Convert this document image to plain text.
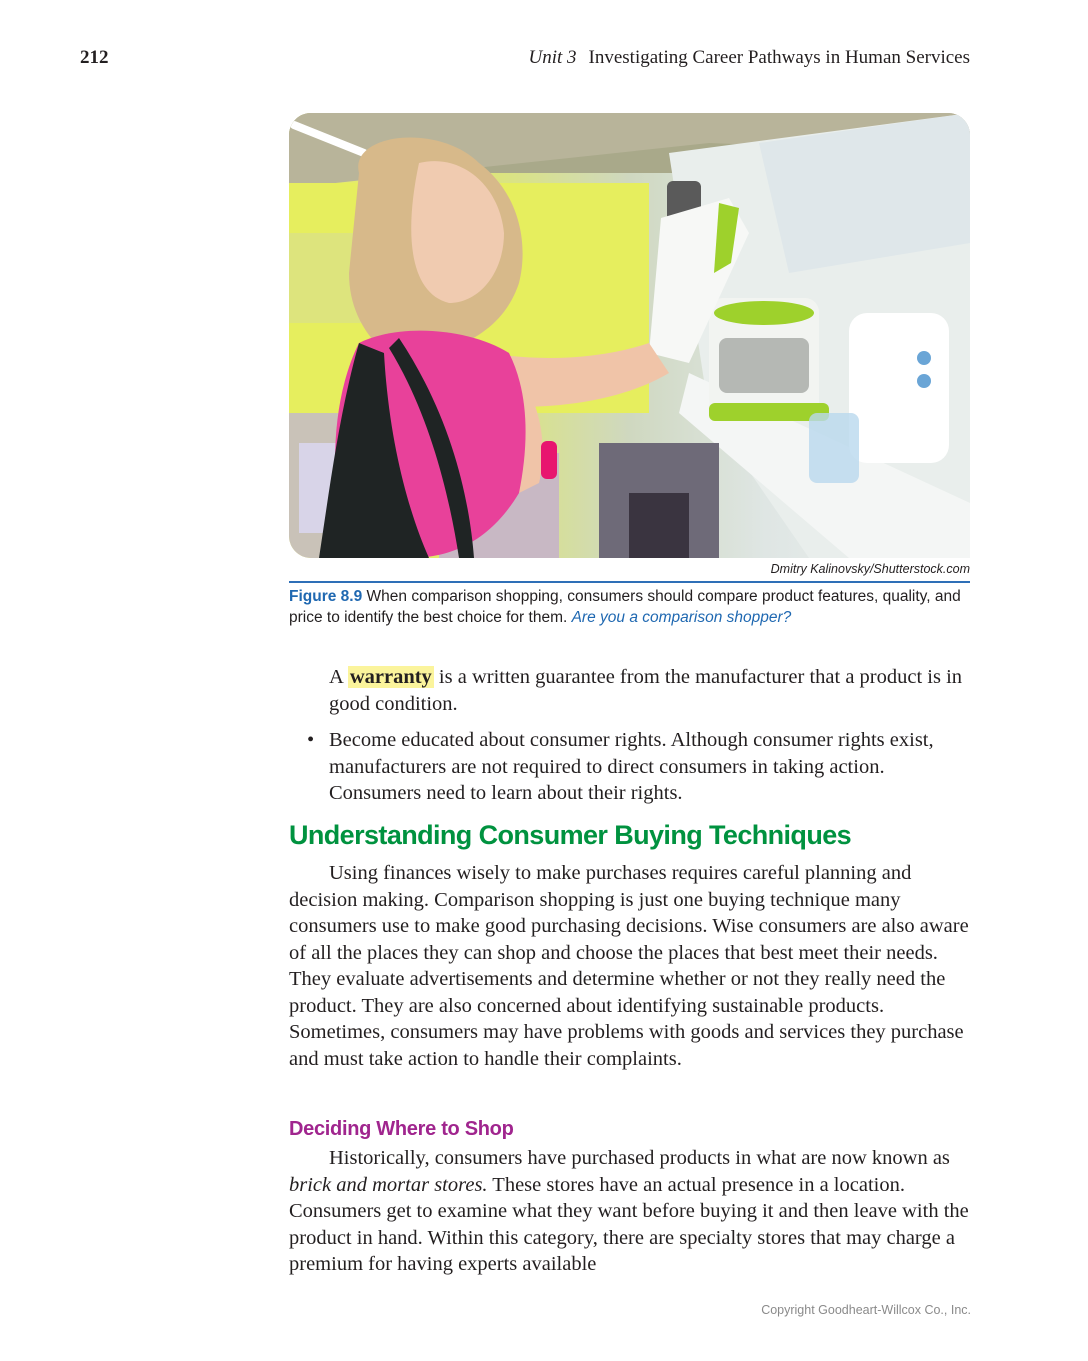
212	Unit 3 Investigating Career Pathways in Human Services
Dmitry Kalinovsky/Shutterstock.com
Figure 8.9 When comparison shopping, consumers should compare product features, quality, and price to identify the best choice for them. Are you a comparison shopper?
A warranty is a written guarantee from the manufacturer that a product is in good condition.
• Become educated about consumer rights. Although consumer rights exist, manufacturers are not required to direct consumers in taking action. Consumers need to learn about their rights.
Understanding Consumer Buying Techniques
Using finances wisely to make purchases requires careful planning and decision making. Comparison shopping is just one buying technique many consumers use to make good purchasing decisions. Wise consumers are also aware of all the places they can shop and choose the places that best meet their needs. They evaluate advertisements and determine whether or not they really need the product. They are also concerned about identifying sustainable products. Sometimes, consumers may have problems with goods and services they purchase and must take action to handle their complaints.
Deciding Where to Shop
Historically, consumers have purchased products in what are now known as brick and mortar stores. These stores have an actual presence in a location. Consumers get to examine what they want before buying it and then leave with the product in hand. Within this category, there are specialty stores that may charge a premium for having experts available
Copyright Goodheart-Willcox Co., Inc.
